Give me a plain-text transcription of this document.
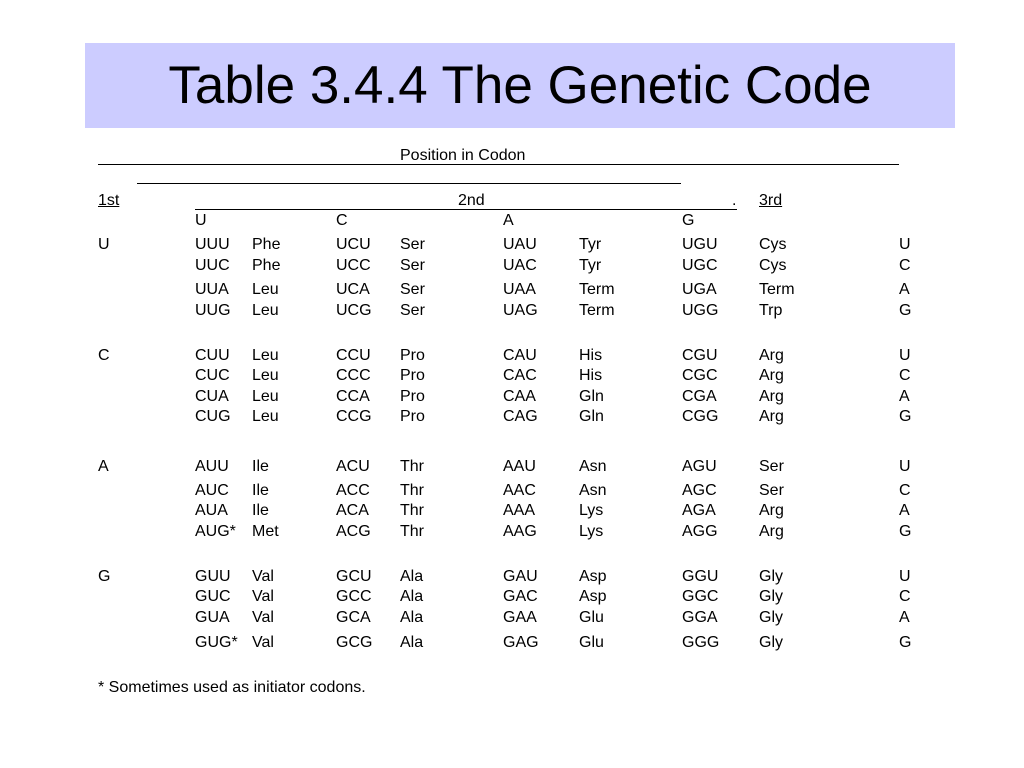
Table 3.4.4 The Genetic Code
Position in Codon
1st	2nd	. 3rd
U	C	A	G
U	UUU Phe	UCU Ser	UAU	Tyr	UGU	Cys	U
UUC Phe	UCC Ser	UAC	Tyr	UGC	Cys	C
UUA Leu	UCA Ser	UAA	Term	UGA	Term	A
UUG Leu	UCG Ser	UAG	Term	UGG	Trp	G
C	CUU Leu	CCU Pro	CAU	His	CGU	Arg	U
CUC Leu	CCC Pro	CAC	His	CGC	Arg	C
CUA Leu	CCA Pro	CAA	Gln	CGA	Arg	A
CUG Leu	CCG Pro	CAG	Gln	CGG	Arg	G
A	AUU Ile	ACU Thr	AAU	Asn	AGU	Ser	U
AUC Ile	ACC Thr	AAC	Asn	AGC	Ser	C
AUA Ile	ACA Thr	AAA	Lys	AGA	Arg	A
AUG* Met	ACG Thr	AAG	Lys	AGG	Arg	G
G	GUU Val	GCU Ala	GAU	Asp	GGU	Gly	U
GUC Val	GCC Ala	GAC	Asp	GGC	Gly	C
GUA Val	GCA Ala	GAA	Glu	GGA	Gly	A
GUG* Val	GCG Ala	GAG	Glu	GGG Gly	G
* Sometimes used as initiator codons.
